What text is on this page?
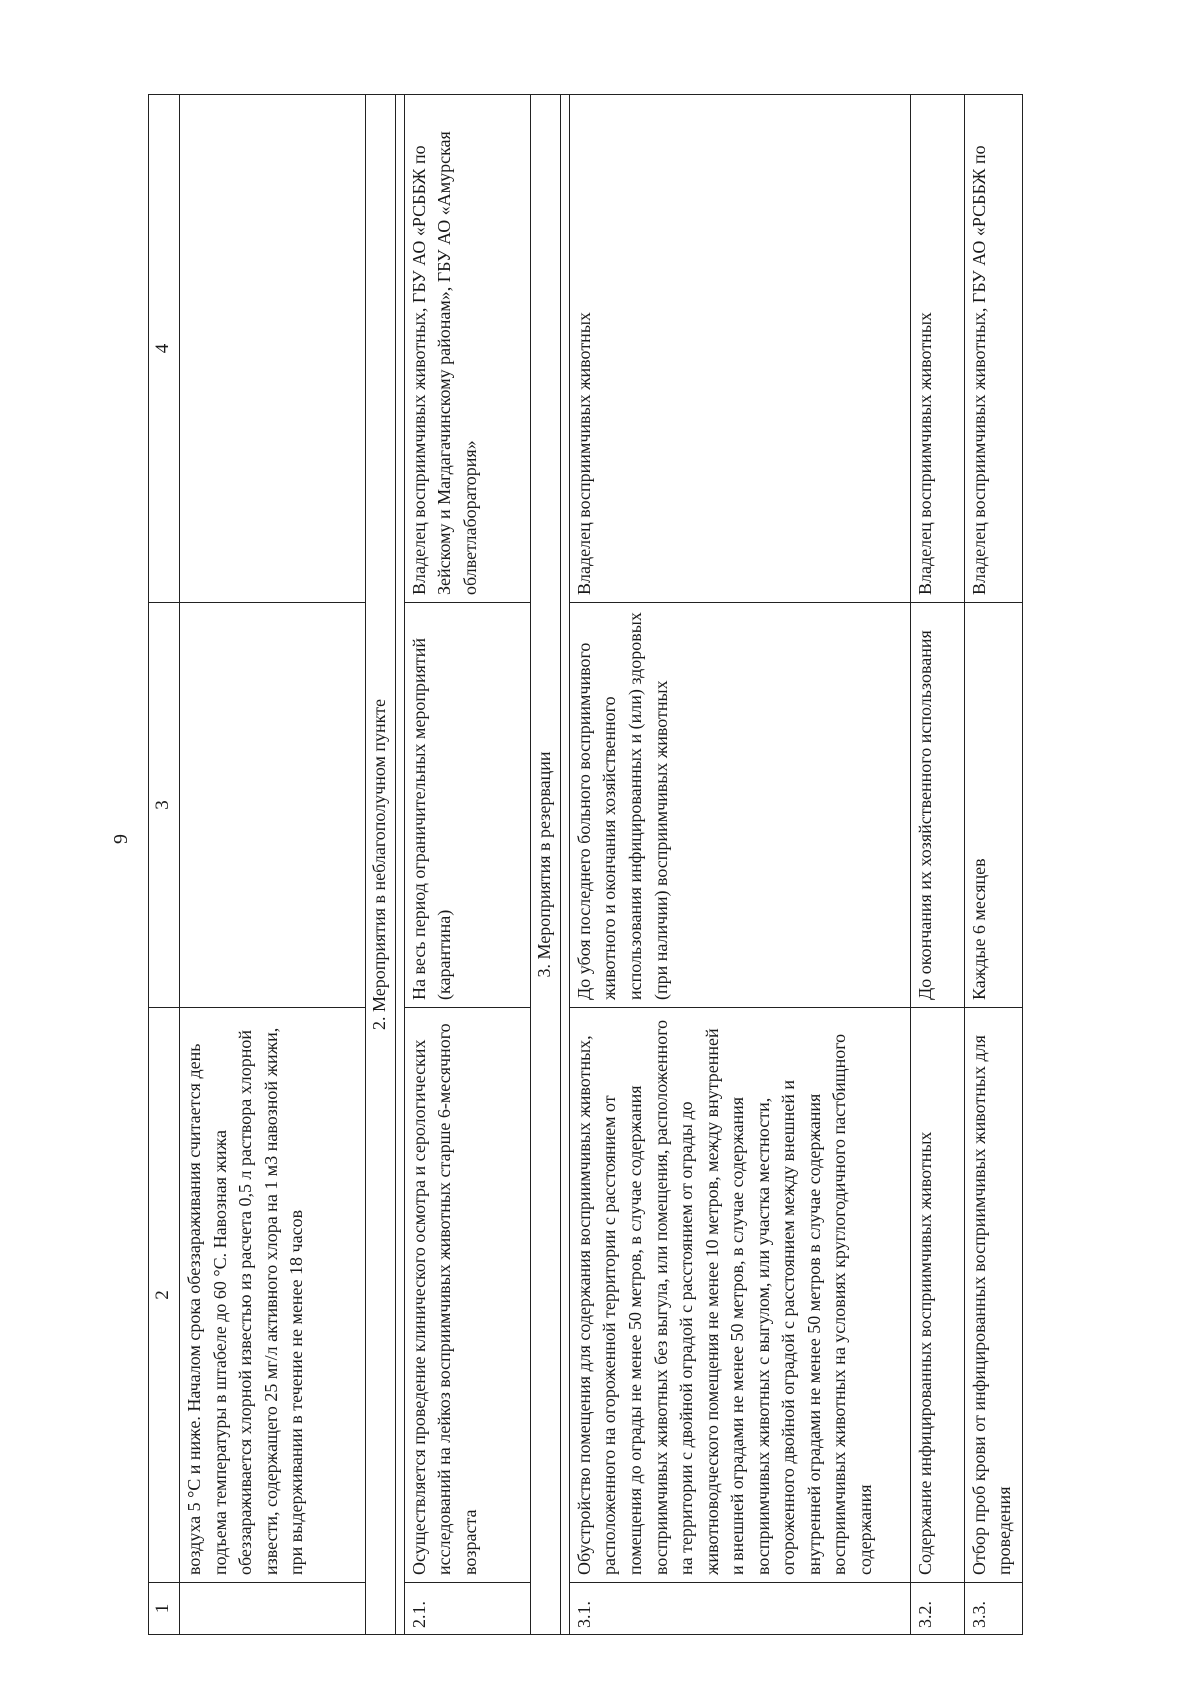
9
1	2	3	4
	воздуха 5 °С и ниже. Началом срока обеззараживания считается день подъема температуры в штабеле до 60 °С. Навозная жижа обеззараживается хлорной известью из расчета 0,5 л раствора хлорной извести, содержащего 25 мг/л активного хлора на 1 м3 навозной жижи, при выдерживании в течение не менее 18 часов		
2. Мероприятия в неблагополучном пункте			

2.1.	Осуществляется проведение клинического осмотра и серологических исследований на лейкоз восприимчивых животных старше 6-месячного возраста	На весь период ограничительных мероприятий (карантина)	Владелец восприимчивых животных, ГБУ АО «РСББЖ по Зейскому и Магдагачинскому районам», ГБУ АО «Амурская облветлаборатория»
3. Мероприятия в резервации			

3.1.	Обустройство помещения для содержания восприимчивых животных, расположенного на огороженной территории с расстоянием от помещения до ограды не менее 50 метров, в случае содержания восприимчивых животных без выгула, или помещения, расположенного на территории с двойной оградой с расстоянием от ограды до животноводческого помещения не менее 10 метров, между внутренней и внешней оградами не менее 50 метров, в случае содержания восприимчивых животных с выгулом, или участка местности, огороженного двойной оградой с расстоянием между внешней и внутренней оградами не менее 50 метров в случае содержания восприимчивых животных на условиях круглогодичного пастбищного содержания	До убоя последнего больного восприимчивого животного и окончания хозяйственного использования инфицированных и (или) здоровых (при наличии) восприимчивых животных	Владелец восприимчивых животных
3.2.	Содержание инфицированных восприимчивых животных	До окончания их хозяйственного использования	Владелец восприимчивых животных
3.3.	Отбор проб крови от инфицированных восприимчивых животных для проведения	Каждые 6 месяцев	Владелец восприимчивых животных, ГБУ АО «РСББЖ по
